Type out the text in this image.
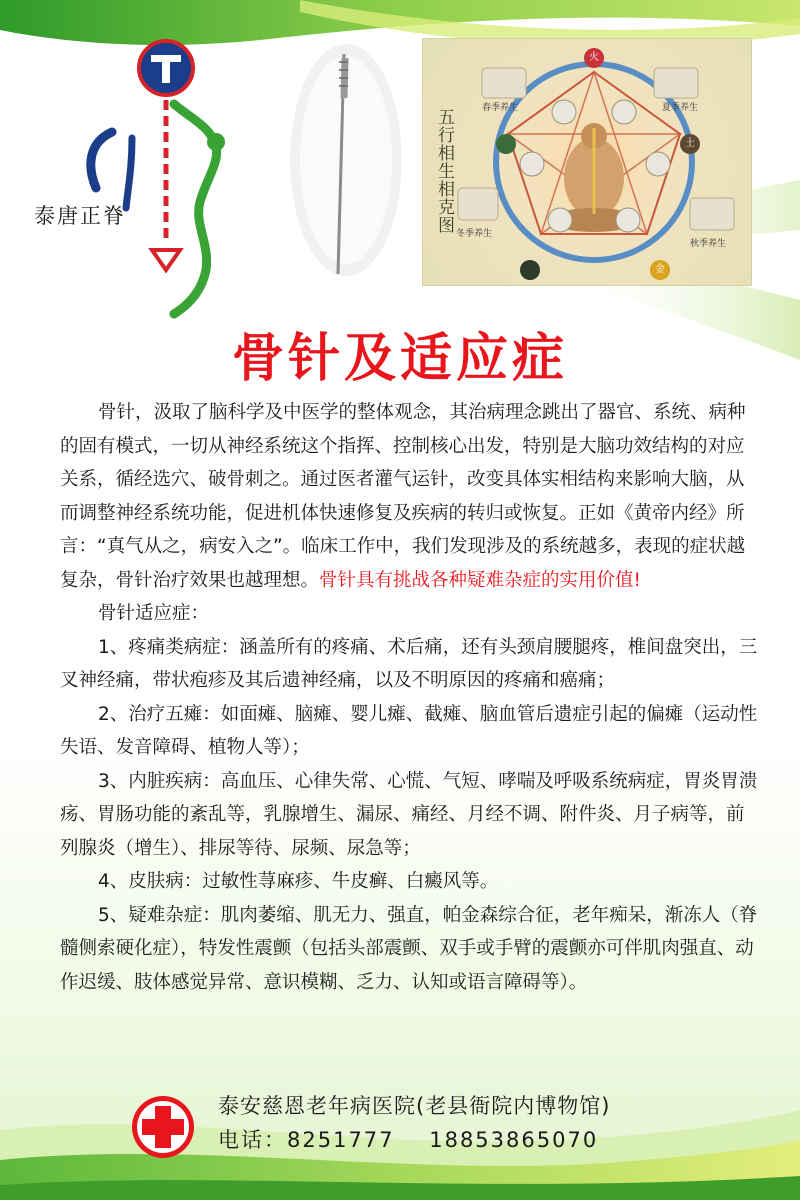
泰唐正脊	五行相生相克图	春季养生	夏季养生
冬季养生
秋季养生
火
土
金
骨针及适应症

骨针，汲取了脑科学及中医学的整体观念，其治病理念跳出了器官、系统、病种的固有模式，一切从神经系统这个指挥、控制核心出发，特别是大脑功效结构的对应关系，循经选穴、破骨刺之。通过医者灌气运针，改变具体实相结构来影响大脑，从而调整神经系统功能，促进机体快速修复及疾病的转归或恢复。正如《黄帝内经》所言：“真气从之，病安入之”。临床工作中，我们发现涉及的系统越多，表现的症状越复杂，骨针治疗效果也越理想。骨针具有挑战各种疑难杂症的实用价值!

骨针适应症：

1、疼痛类病症：涵盖所有的疼痛、术后痛，还有头颈肩腰腿疼，椎间盘突出，三叉神经痛，带状疱疹及其后遗神经痛，以及不明原因的疼痛和癌痛；

2、治疗五瘫：如面瘫、脑瘫、婴儿瘫、截瘫、脑血管后遗症引起的偏瘫（运动性失语、发音障碍、植物人等）；

3、内脏疾病：高血压、心律失常、心慌、气短、哮喘及呼吸系统病症，胃炎胃溃疡、胃肠功能的紊乱等，乳腺增生、漏尿、痛经、月经不调、附件炎、月子病等，前列腺炎（增生）、排尿等待、尿频、尿急等；

4、皮肤病：过敏性荨麻疹、牛皮癣、白癜风等。

5、疑难杂症：肌肉萎缩、肌无力、强直，帕金森综合征，老年痴呆，渐冻人（脊髓侧索硬化症），特发性震颤（包括头部震颤、双手或手臂的震颤亦可伴肌肉强直、动作迟缓、肢体感觉异常、意识模糊、乏力、认知或语言障碍等）。

泰安慈恩老年病医院(老县衙院内博物馆)
电话：8251777    18853865070
